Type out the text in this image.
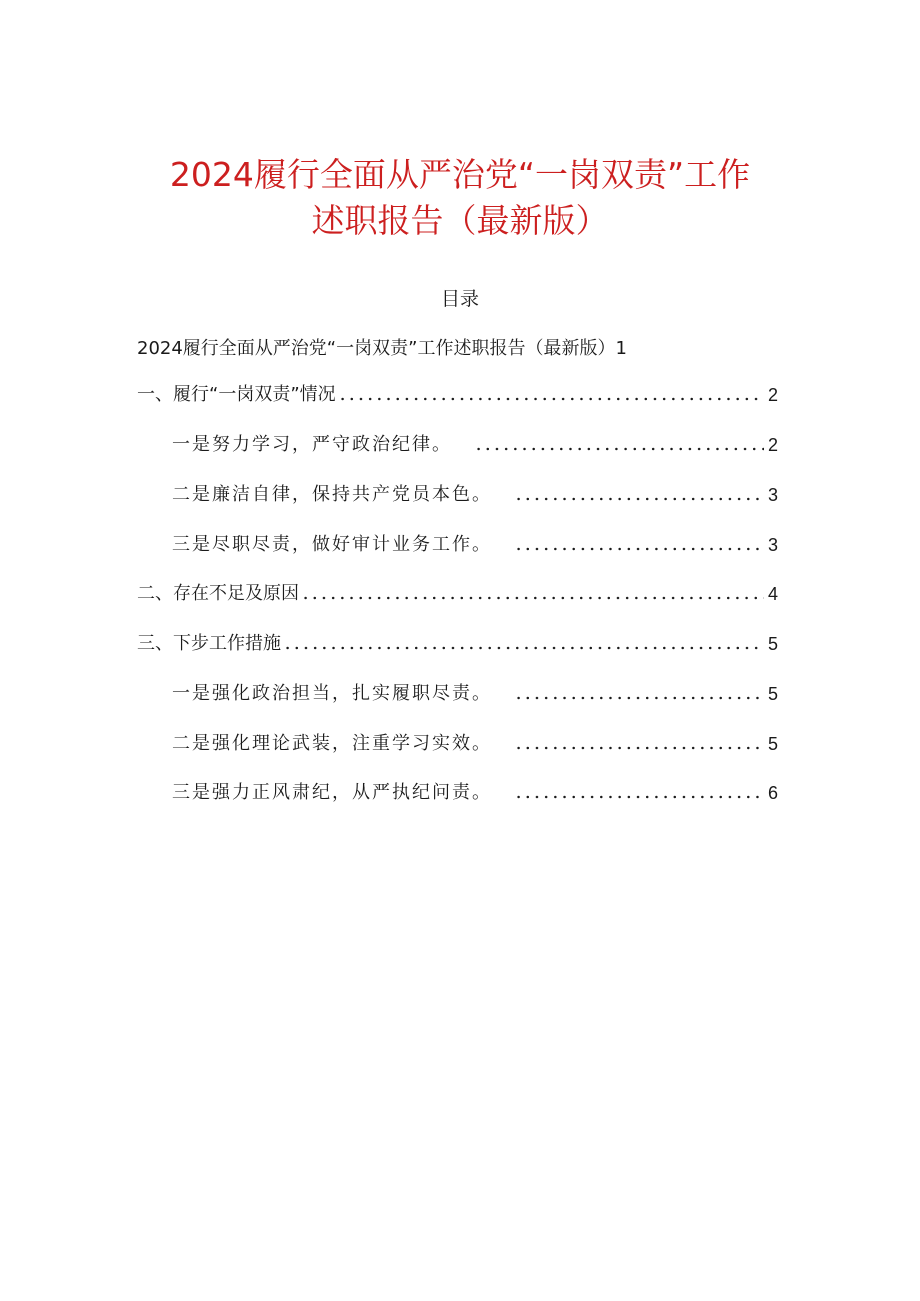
2024履行全面从严治党“一岗双责”工作
述职报告（最新版）
目录
2024履行全面从严治党“一岗双责”工作述职报告（最新版）1
一、履行“一岗双责”情况	2
一是努力学习，严守政治纪律。	2
二是廉洁自律，保持共产党员本色。	3
三是尽职尽责，做好审计业务工作。	3
二、存在不足及原因	4
三、下步工作措施	5
一是强化政治担当，扎实履职尽责。	5
二是强化理论武装，注重学习实效。	5
三是强力正风肃纪，从严执纪问责。	6
